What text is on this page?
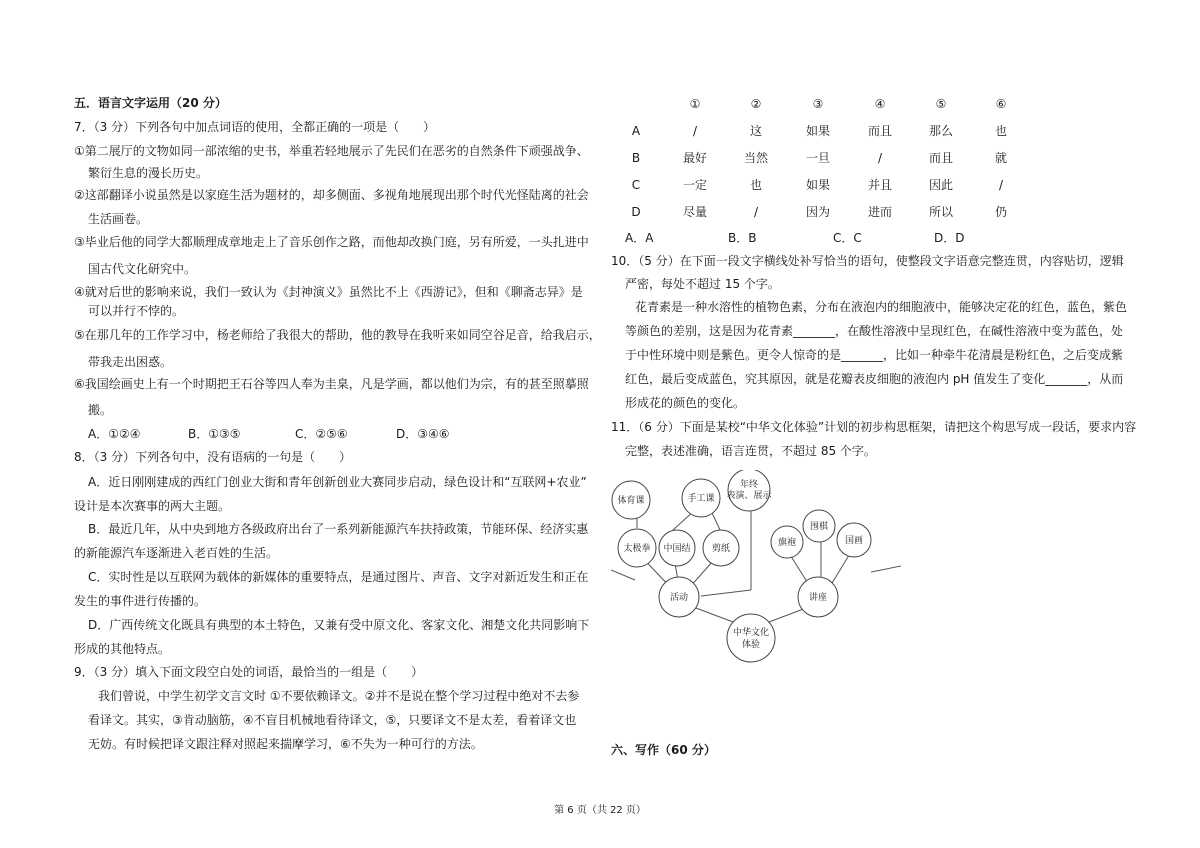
五．语言文字运用（20 分）
7．（3 分）下列各句中加点词语的使用，全都正确的一项是（　　）
①第二展厅的文物如同一部浓缩的史书，举重若轻地展示了先民们在恶劣的自然条件下顽强战争、
繁衍生息的漫长历史。
②这部翻译小说虽然是以家庭生活为题材的，却多侧面、多视角地展现出那个时代光怪陆离的社会
生活画卷。
③毕业后他的同学大都顺理成章地走上了音乐创作之路，而他却改换门庭，另有所爱，一头扎进中
国古代文化研究中。
④就对后世的影响来说，我们一致认为《封神演义》虽然比不上《西游记》，但和《聊斋志异》是
可以并行不悖的。
⑤在那几年的工作学习中，杨老师给了我很大的帮助，他的教导在我听来如同空谷足音，给我启示，
带我走出困惑。
⑥我国绘画史上有一个时期把王石谷等四人奉为圭臬，凡是学画，都以他们为宗，有的甚至照摹照
搬。
A．①②④	B．①③⑤	C．②⑤⑥	D．③④⑥
8．（3 分）下列各句中，没有语病的一句是（　　）
A．近日刚刚建成的西红门创业大街和青年创新创业大赛同步启动，绿色设计和“互联网+农业”
设计是本次赛事的两大主题。
B．最近几年，从中央到地方各级政府出台了一系列新能源汽车扶持政策，节能环保、经济实惠
的新能源汽车逐渐进入老百姓的生活。
C．实时性是以互联网为载体的新媒体的重要特点，是通过图片、声音、文字对新近发生和正在
发生的事件进行传播的。
D．广西传统文化既具有典型的本土特色，又兼有受中原文化、客家文化、湘楚文化共同影响下
形成的其他特点。
9．（3 分）填入下面文段空白处的词语，最恰当的一组是（　　）
我们曾说，中学生初学文言文时 ①不要依赖译文。②并不是说在整个学习过程中绝对不去参
看译文。其实，③肯动脑筋，④不盲目机械地看待译文，⑤，只要译文不是太差，看着译文也
无妨。有时候把译文跟注释对照起来揣摩学习，⑥不失为一种可行的方法。
①	②	③	④	⑤	⑥
A	/	这	如果	而且	那么	也
B	最好	当然	一旦	/	而且	就
C	一定	也	如果	并且	因此	/
D	尽量	/	因为	进而	所以	仍
A．A	B．B	C．C	D．D
10．（5 分）在下面一段文字横线处补写恰当的语句，使整段文字语意完整连贯，内容贴切，逻辑
严密，每处不超过 15 个字。
花青素是一种水溶性的植物色素，分布在液泡内的细胞液中，能够决定花的红色，蓝色，紫色
等颜色的差别，这是因为花青素_______，在酸性溶液中呈现红色，在碱性溶液中变为蓝色，处
于中性环境中则是紫色。更令人惊奇的是_______，比如一种牵牛花清晨是粉红色，之后变成紫
红色，最后变成蓝色，究其原因，就是花瓣表皮细胞的液泡内 pH 值发生了变化_______，从而
形成花的颜色的变化。
11．（6 分）下面是某校“中华文化体验”计划的初步构思框架，请把这个构思写成一段话，要求内容
完整，表述准确，语言连贯，不超过 85 个字。
六、写作（60 分）
体育课	手工课
年终
表演、展示
太极拳 中国结 剪纸
旗袍
围棋
国画
活动	讲座
中华文化
体验
第 6 页（共 22 页）
